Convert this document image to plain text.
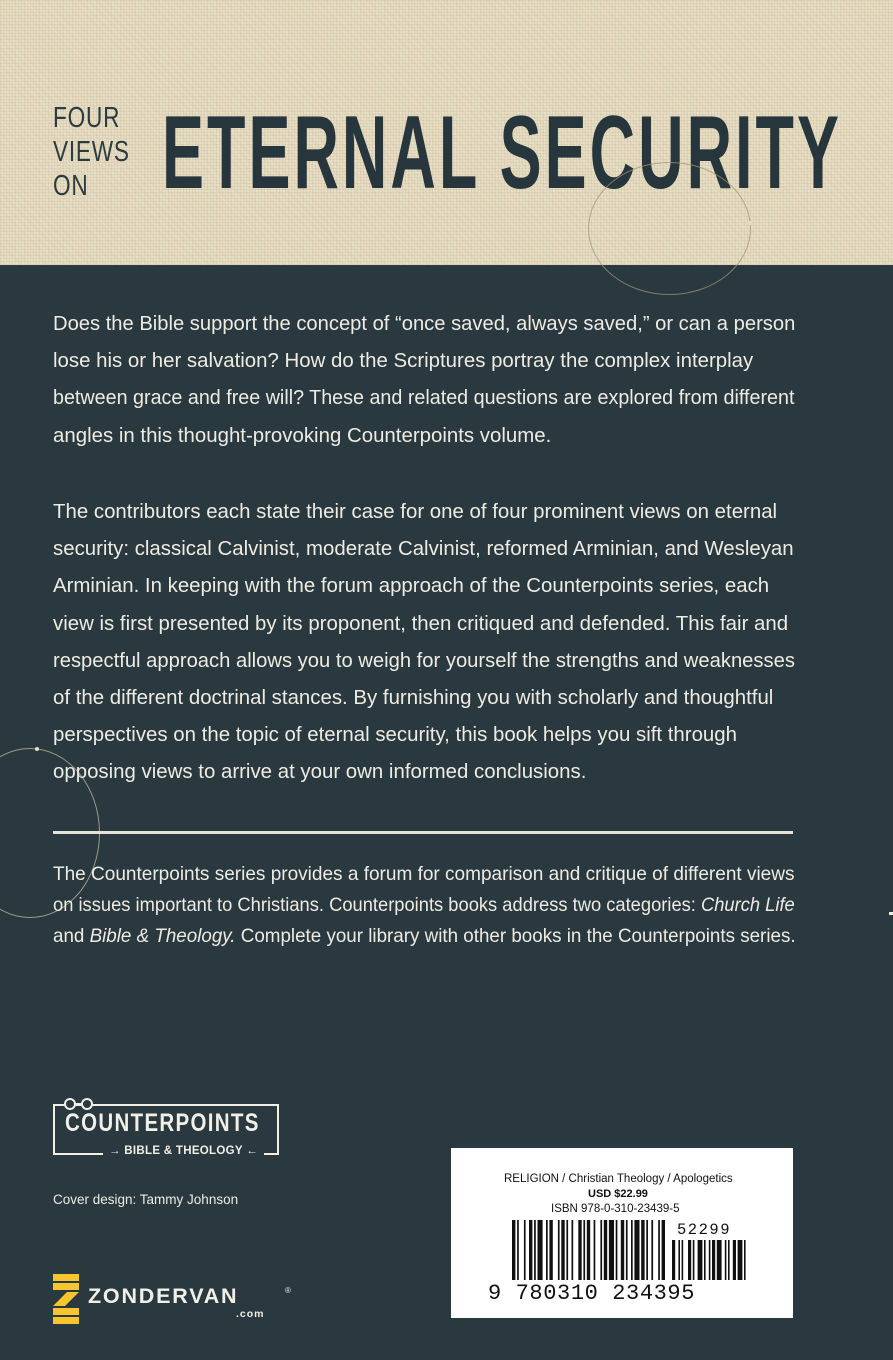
FOUR
VIEWS
ON ETERNAL SECURITY

Does the Bible support the concept of “once saved, always saved,” or can a person

lose his or her salvation? How do the Scriptures portray the complex interplay

between grace and free will? These and related questions are explored from different

angles in this thought-provoking Counterpoints volume.

The contributors each state their case for one of four prominent views on eternal

security: classical Calvinist, moderate Calvinist, reformed Arminian, and Wesleyan

Arminian. In keeping with the forum approach of the Counterpoints series, each

view is first presented by its proponent, then critiqued and defended. This fair and

respectful approach allows you to weigh for yourself the strengths and weaknesses

of the different doctrinal stances. By furnishing you with scholarly and thoughtful

perspectives on the topic of eternal security, this book helps you sift through

opposing views to arrive at your own informed conclusions.

The Counterpoints series provides a forum for comparison and critique of different views

on issues important to Christians. Counterpoints books address two categories: Church Life

and Bible & Theology. Complete your library with other books in the Counterpoints series.

COUNTERPOINTS
→ BIBLE & THEOLOGY ←
Cover design: Tammy Johnson
ZONDERVAN	®
.com
RELIGION / Christian Theology / Apologetics
USD $22.99
ISBN 978-0-310-23439-5
52299
9 780310 234395
